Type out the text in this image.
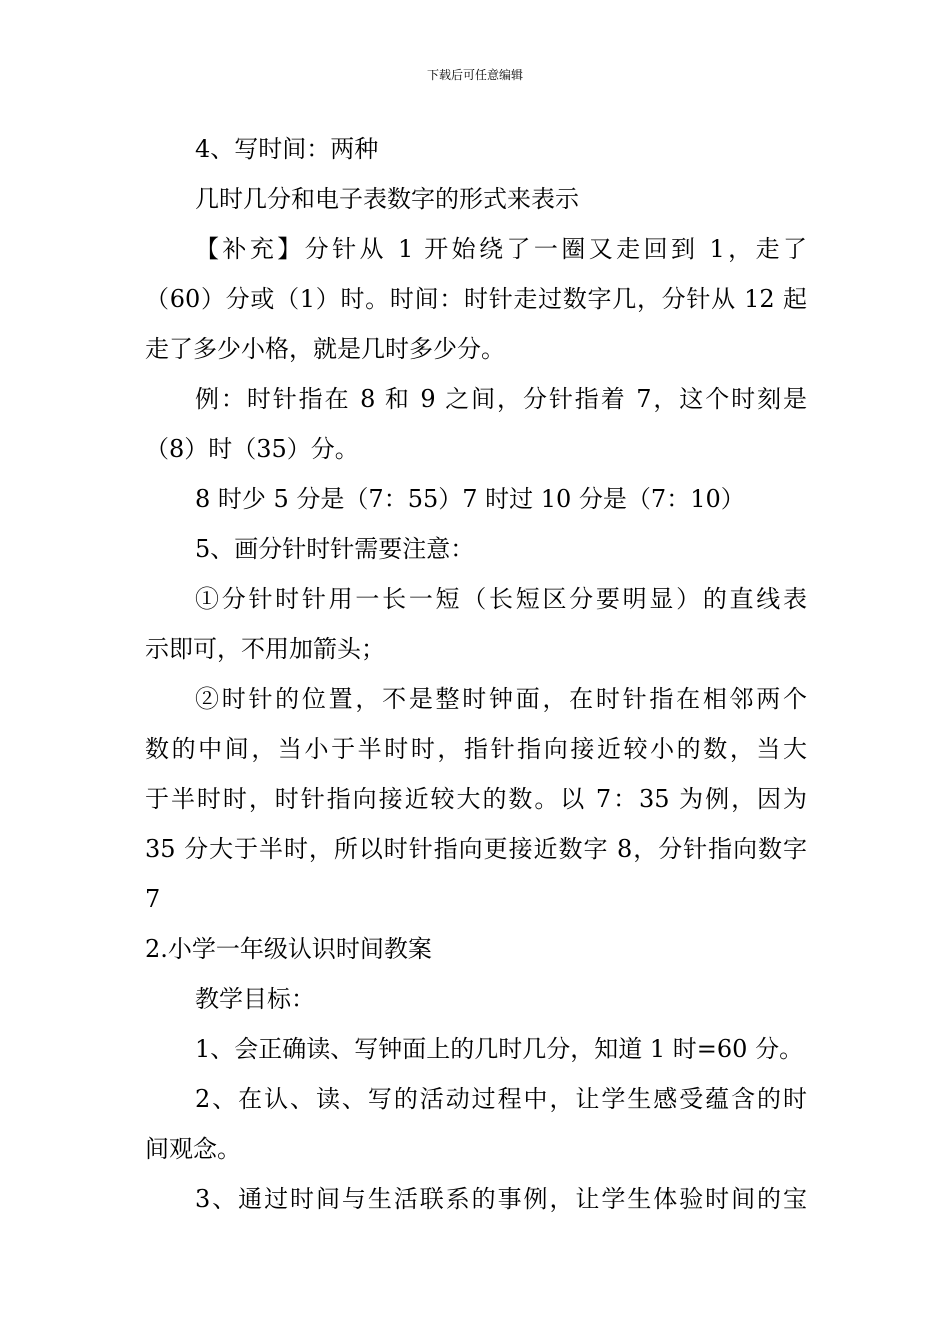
下载后可任意编辑
4、写时间：两种
几时几分和电子表数字的形式来表示
【补充】分针从 1 开始绕了一圈又走回到 1，走了
（60）分或（1）时。时间：时针走过数字几，分针从 12 起
走了多少小格，就是几时多少分。
例：时针指在 8 和 9 之间，分针指着 7，这个时刻是
（8）时（35）分。
8 时少 5 分是（7：55）7 时过 10 分是（7：10）
5、画分针时针需要注意：
①分针时针用一长一短（长短区分要明显）的直线表
示即可，不用加箭头；
②时针的位置，不是整时钟面，在时针指在相邻两个
数的中间，当小于半时时，指针指向接近较小的数，当大
于半时时，时针指向接近较大的数。以 7：35 为例，因为
35 分大于半时，所以时针指向更接近数字 8，分针指向数字
7
2.小学一年级认识时间教案
教学目标：
1、会正确读、写钟面上的几时几分，知道 1 时=60 分。
2、在认、读、写的活动过程中，让学生感受蕴含的时
间观念。
3、通过时间与生活联系的事例，让学生体验时间的宝
